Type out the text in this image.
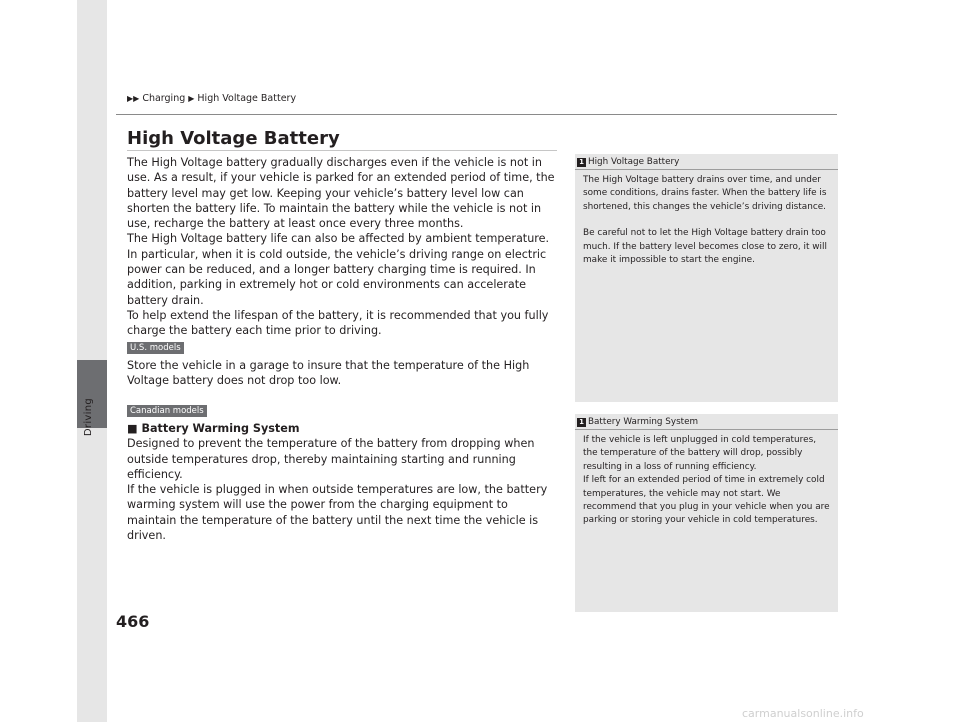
Driving
466
▶▶ Charging ▶ High Voltage Battery
High Voltage Battery

The High Voltage battery gradually discharges even if the vehicle is not in use. As a result, if your vehicle is parked for an extended period of time, the battery level may get low. Keeping your vehicle’s battery level low can shorten the battery life. To maintain the battery while the vehicle is not in use, recharge the battery at least once every three months.

The High Voltage battery life can also be affected by ambient temperature. In particular, when it is cold outside, the vehicle’s driving range on electric power can be reduced, and a longer battery charging time is required. In addition, parking in extremely hot or cold environments can accelerate battery drain.

To help extend the lifespan of the battery, it is recommended that you fully charge the battery each time prior to driving.

U.S. models

Store the vehicle in a garage to insure that the temperature of the High Voltage battery does not drop too low.

Canadian models

■ Battery Warming System

Designed to prevent the temperature of the battery from dropping when outside temperatures drop, thereby maintaining starting and running efficiency.

If the vehicle is plugged in when outside temperatures are low, the battery warming system will use the power from the charging equipment to maintain the temperature of the battery until the next time the vehicle is driven.

1 High Voltage Battery

The High Voltage battery drains over time, and under some conditions, drains faster. When the battery life is shortened, this changes the vehicle’s driving distance.

Be careful not to let the High Voltage battery drain too much. If the battery level becomes close to zero, it will make it impossible to start the engine.

1 Battery Warming System

If the vehicle is left unplugged in cold temperatures, the temperature of the battery will drop, possibly resulting in a loss of running efficiency.

If left for an extended period of time in extremely cold temperatures, the vehicle may not start. We recommend that you plug in your vehicle when you are parking or storing your vehicle in cold temperatures.

carmanualsonline.info
